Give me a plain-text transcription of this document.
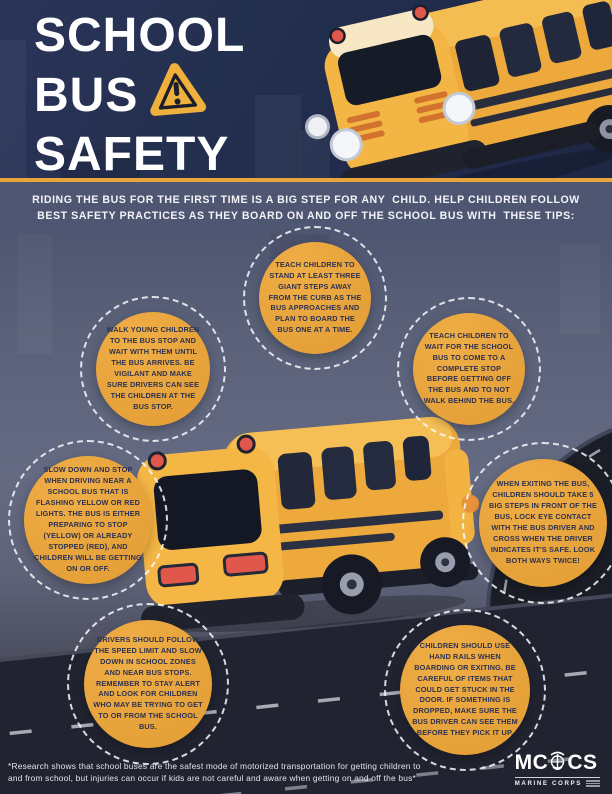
SCHOOL
BUS
SAFETY
RIDING THE BUS FOR THE FIRST TIME IS A BIG STEP FOR ANY  CHILD. HELP CHILDREN FOLLOW
BEST SAFETY PRACTICES AS THEY BOARD ON AND OFF THE SCHOOL BUS WITH  THESE TIPS:
TEACH CHILDREN TO STAND AT LEAST THREE GIANT STEPS AWAY FROM THE CURB AS THE BUS APPROACHES AND PLAN TO BOARD THE BUS ONE AT A TIME.
WALK YOUNG CHILDREN TO THE BUS STOP AND WAIT WITH THEM UNTIL THE BUS ARRIVES. BE VIGILANT AND MAKE SURE DRIVERS CAN SEE THE CHILDREN AT THE BUS STOP.
TEACH CHILDREN TO WAIT FOR THE SCHOOL BUS TO COME TO A COMPLETE STOP BEFORE GETTING OFF THE BUS AND TO NOT WALK BEHIND THE BUS.
SLOW DOWN AND STOP WHEN DRIVING NEAR A SCHOOL BUS THAT IS FLASHING YELLOW OR RED LIGHTS. THE BUS IS EITHER PREPARING TO STOP (YELLOW) OR ALREADY STOPPED (RED), AND CHILDREN WILL BE GETTING ON OR OFF.
WHEN EXITING THE BUS, CHILDREN SHOULD TAKE 5 BIG STEPS IN FRONT OF THE BUS, LOCK EYE CONTACT WITH THE BUS DRIVER AND CROSS WHEN THE DRIVER INDICATES IT'S SAFE. LOOK BOTH WAYS TWICE!
DRIVERS SHOULD FOLLOW THE SPEED LIMIT AND SLOW DOWN IN SCHOOL ZONES AND NEAR BUS STOPS. REMEMBER TO STAY ALERT AND LOOK FOR CHILDREN WHO MAY BE TRYING TO GET TO OR FROM THE SCHOOL BUS.
CHILDREN SHOULD USE HAND RAILS WHEN BOARDING OR EXITING. BE CAREFUL OF ITEMS THAT COULD GET STUCK IN THE DOOR. IF SOMETHING IS DROPPED, MAKE SURE THE BUS DRIVER CAN SEE THEM BEFORE THEY PICK IT UP.
*Research shows that school buses are the safest mode of motorized transportation for getting children to
and from school, but injuries can occur if kids are not careful and aware when getting on and off the bus*
MC CS
MARINE CORPS
